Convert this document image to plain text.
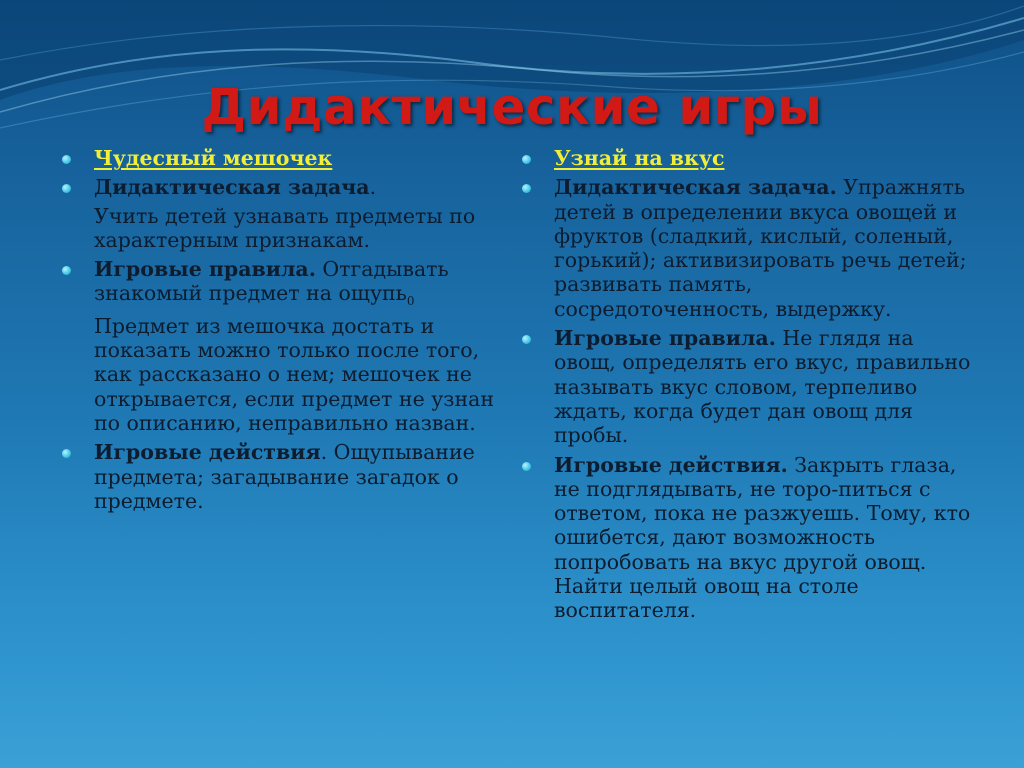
Дидактические игры
Чудесный мешочек
Дидактическая задача.
Учить детей узнавать предметы по характерным признакам.
Игровые правила. Отгадывать знакомый предмет на ощупь$_0$ Предмет из мешочка достать и показать можно только после того, как рассказано о нем; мешочек не открывается, если предмет не узнан по описанию, неправильно назван.
Игровые действия. Ощупывание предмета; загадывание загадок о предмете.
Узнай на вкус
Дидактическая задача. Упражнять детей в определении вкуса овощей и фруктов (сладкий, кислый, соленый, горький); активизировать речь детей; развивать память, сосредоточенность, выдержку.
Игровые правила. Не глядя на овощ, определять его вкус, правильно называть вкус словом, терпеливо ждать, когда будет дан овощ для пробы.
Игровые действия. Закрыть глаза, не подглядывать, не торо-питься с ответом, пока не разжуешь. Тому, кто ошибется, дают возможность попробовать на вкус другой овощ. Найти целый овощ на столе воспитателя.
